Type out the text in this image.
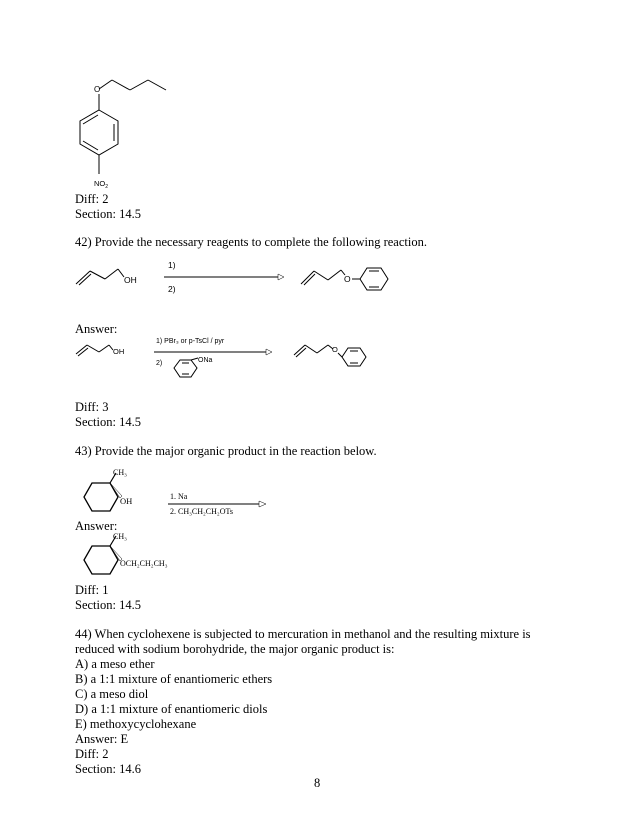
O
$NO_2$
Diff: 2
Section: 14.5
42) Provide the necessary reagents to complete the following reaction.
OH
1)
2)
O
Answer:
OH
1) PBr₃ or p-TsCl / pyr
2)	ONa
O
Diff: 3
Section: 14.5
43) Provide the major organic product in the reaction below.
CH₃
OH	1. Na
2. CH₃CH₂CH₂OTs
Answer:
CH₃
OCH₂CH₂CH₃
Diff: 1
Section: 14.5
44) When cyclohexene is subjected to mercuration in methanol and the resulting mixture is
reduced with sodium borohydride, the major organic product is:
A) a meso ether
B) a 1:1 mixture of enantiomeric ethers
C) a meso diol
D) a 1:1 mixture of enantiomeric diols
E) methoxycyclohexane
Answer: E
Diff: 2
Section: 14.6
8
